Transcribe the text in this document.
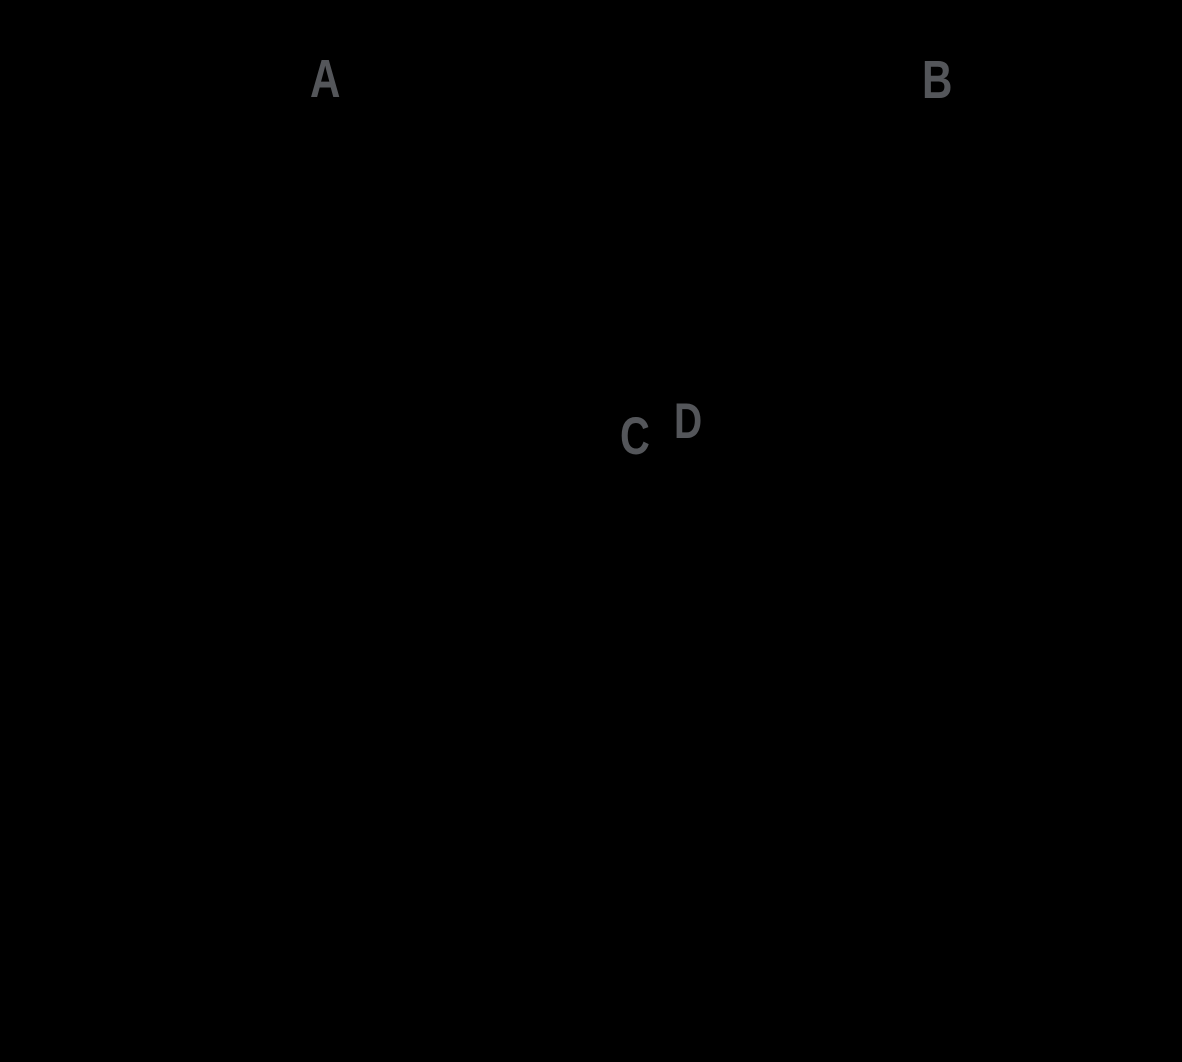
A	B
C D
